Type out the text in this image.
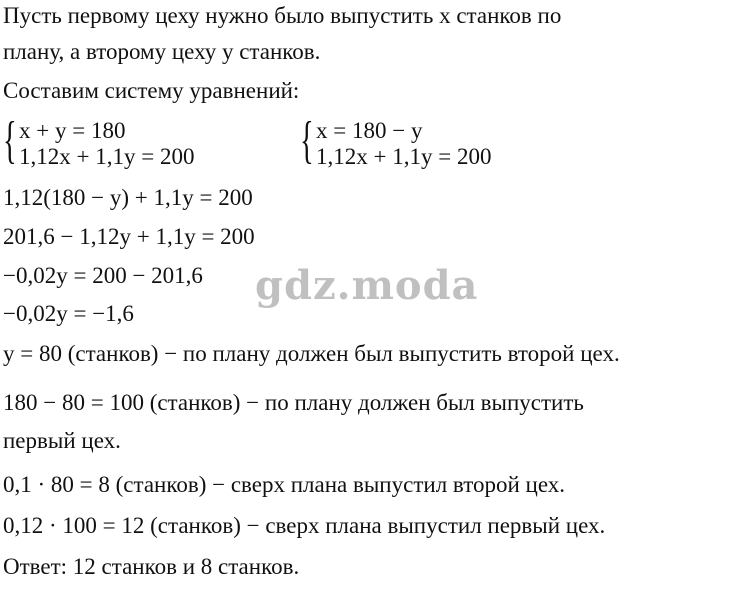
Пусть первому цеху нужно было выпустить x станков по
плану, а второму цеху y станков.
Составим систему уравнений:
{ x + y = 180
1,12x + 1,1y = 200 { x = 180 − y
1,12x + 1,1y = 200
1,12(180 − y) + 1,1y = 200
201,6 − 1,12y + 1,1y = 200
−0,02y = 200 − 201,6
−0,02y = −1,6
y = 80 (станков) − по плану должен был выпустить второй цех.
180 − 80 = 100 (станков) − по плану должен был выпустить
первый цех.
0,1 · 80 = 8 (станков) − сверх плана выпустил второй цех.
0,12 · 100 = 12 (станков) − сверх плана выпустил первый цех.
Ответ: 12 станков и 8 станков.
gdz.moda
